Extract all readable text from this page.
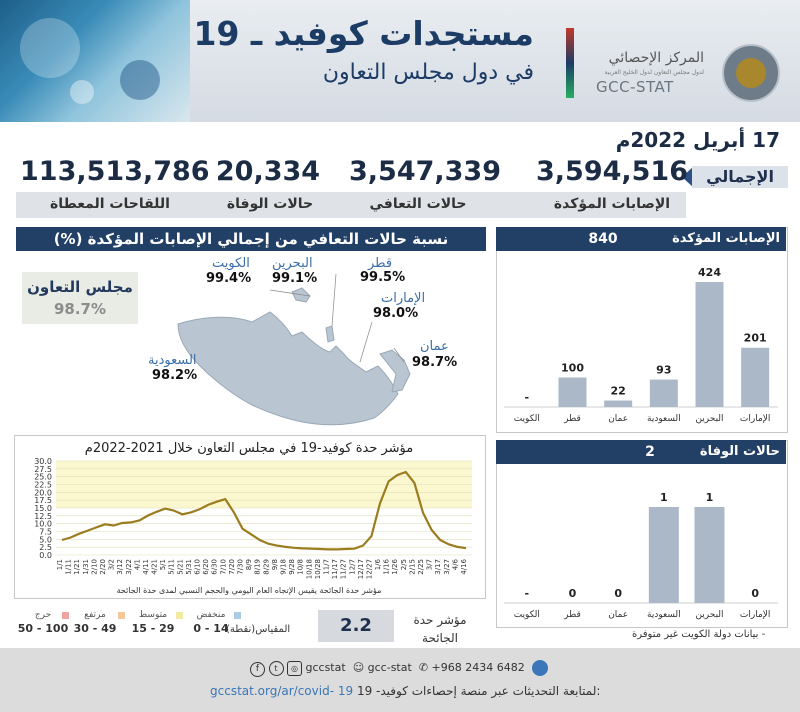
مستجدات كوفيد ـ 19
في دول مجلس التعاون
المركز الإحصائي
لدول مجلس التعاون لدول الخليج العربية
GCC-STAT
17 أبريل 2022م
الإجمالي
3,594,516
3,547,339
20,334
113,513,786
الإصابات المؤكدة
حالات التعافي
حالات الوفاة
اللقاحات المعطاة
نسبة حالات التعافي من إجمالي الإصابات المؤكدة (%)
مجلس التعاون
98.7%
الكويت
99.4%
البحرين
99.1%
قطر
99.5%
الإمارات
98.0%
عمان
98.7%
السعودية
98.2%
مؤشر حدة كوفيد-19 في مجلس التعاون خلال 2021-2022م
0.0
2.5
5.0
7.5
10.0
12.5
15.0
17.5
20.0
22.5
25.0
27.5
30.0
1/1 1/11 1/21 1/31 2/10 2/20 3/2 3/12 3/22 4/1 4/11 4/21 5/1 5/11 5/21 5/31 6/10 6/20 6/30 7/10 7/20 7/30 8/9 8/19 8/29 9/8 9/18 9/28 10/8 10/18 10/28 11/7 11/17 11/27 12/7 12/17 12/27 1/6 1/16 1/26 2/5 2/15 2/25 3/7 3/17 3/27 4/6 4/16
مؤشر حدة الجائحة يقيس الإتجاه العام اليومي والحجم النسبي لمدى حدة الجائحة
مؤشر حدة الجائحة
2.2
المقياس(نقطة)
منخفض
0 - 14
متوسط
15 - 29
مرتفع
30 - 49
حرج
50 - 100
الإصابات المؤكدة (اليومية)
840
201
الإمارات
424
البحرين
93
السعودية
22
عمان
100
قطر
-
الكويت
حالات الوفاة (اليومية)
2
0
الإمارات
1
البحرين
1
السعودية
0
عمان
0
قطر
-
الكويت
- بيانات دولة الكويت غير متوفرة
f t ◎ gccstat ☺ gcc-stat ✆ +968 2434 6482
gccstat.org/ar/covid- 19 لمتابعة التحديثات عبر منصة إحصاءات كوفيد- 19:
